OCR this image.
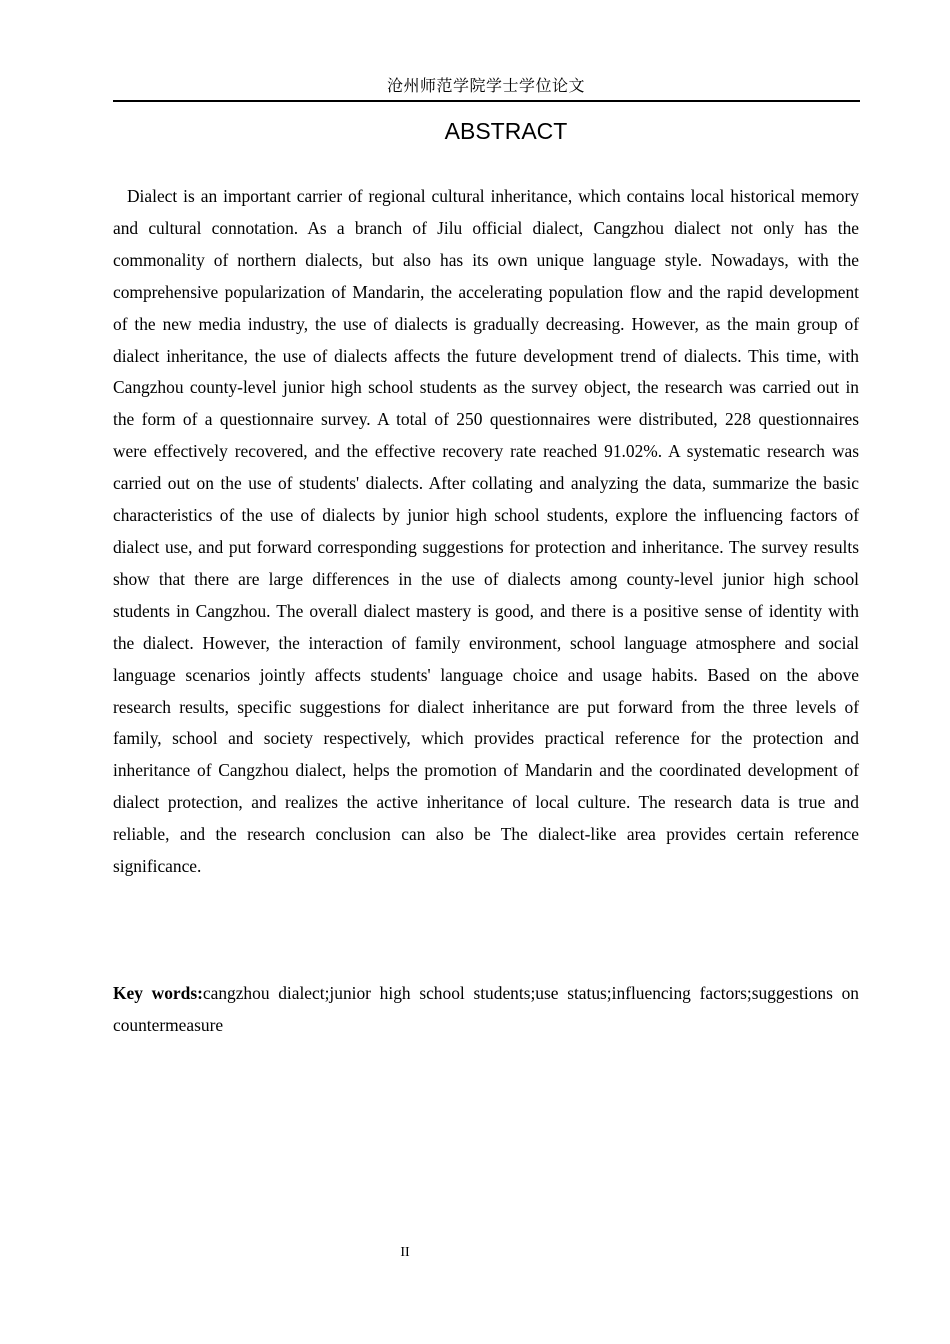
沧州师范学院学士学位论文
ABSTRACT

Dialect is an important carrier of regional cultural inheritance, which contains local historical memory and cultural connotation. As a branch of Jilu official dialect, Cangzhou dialect not only has the commonality of northern dialects, but also has its own unique language style. Nowadays, with the comprehensive popularization of Mandarin, the accelerating population flow and the rapid development of the new media industry, the use of dialects is gradually decreasing. However, as the main group of dialect inheritance, the use of dialects affects the future development trend of dialects. This time, with Cangzhou county-level junior high school students as the survey object, the research was carried out in the form of a questionnaire survey. A total of 250 questionnaires were distributed, 228 questionnaires were effectively recovered, and the effective recovery rate reached 91.02%. A systematic research was carried out on the use of students' dialects. After collating and analyzing the data, summarize the basic characteristics of the use of dialects by junior high school students, explore the influencing factors of dialect use, and put forward corresponding suggestions for protection and inheritance. The survey results show that there are large differences in the use of dialects among county-level junior high school students in Cangzhou. The overall dialect mastery is good, and there is a positive sense of identity with the dialect. However, the interaction of family environment, school language atmosphere and social language scenarios jointly affects students' language choice and usage habits. Based on the above research results, specific suggestions for dialect inheritance are put forward from the three levels of family, school and society respectively, which provides practical reference for the protection and inheritance of Cangzhou dialect, helps the promotion of Mandarin and the coordinated development of dialect protection, and realizes the active inheritance of local culture. The research data is true and reliable, and the research conclusion can also be The dialect-like area provides certain reference significance.

Key words:cangzhou dialect;junior high school students;use status;influencing factors;suggestions on countermeasure

II
